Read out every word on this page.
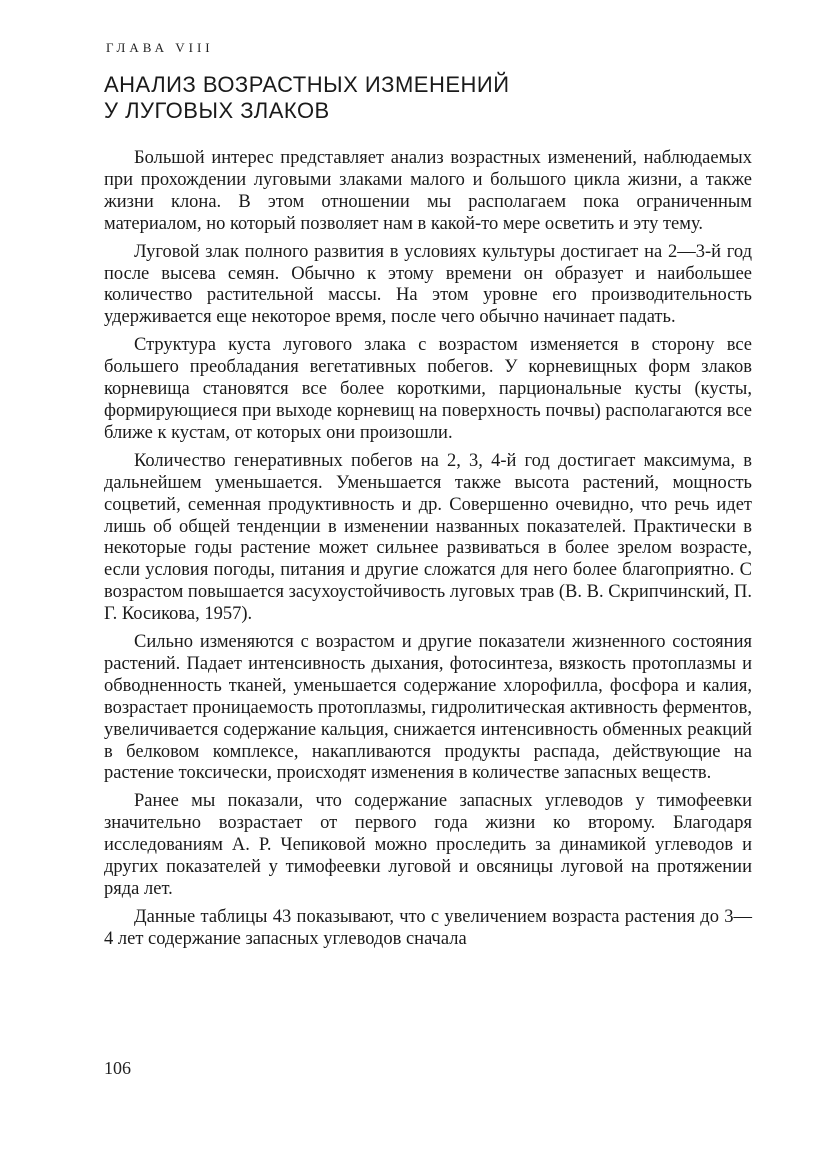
ГЛАВА VIII
АНАЛИЗ ВОЗРАСТНЫХ ИЗМЕНЕНИЙ
У ЛУГОВЫХ ЗЛАКОВ

Большой интерес представляет анализ возрастных изменений, наблюдаемых при прохождении луговыми злаками малого и большого цикла жизни, а также жизни клона. В этом отношении мы располагаем пока ограниченным материалом, но который позволяет нам в какой-то мере осветить и эту тему.

Луговой злак полного развития в условиях культуры достигает на 2—3-й год после высева семян. Обычно к этому времени он образует и наибольшее количество растительной массы. На этом уровне его производительность удерживается еще некоторое время, после чего обычно начинает падать.

Структура куста лугового злака с возрастом изменяется в сторону все большего преобладания вегетативных побегов. У корневищных форм злаков корневища становятся все более короткими, парциональные кусты (кусты, формирующиеся при выходе корневищ на поверхность почвы) располагаются все ближе к кустам, от которых они произошли.

Количество генеративных побегов на 2, 3, 4-й год достигает максимума, в дальнейшем уменьшается. Уменьшается также высота растений, мощность соцветий, семенная продуктивность и др. Совершенно очевидно, что речь идет лишь об общей тенденции в изменении названных показателей. Практически в некоторые годы растение может сильнее развиваться в более зрелом возрасте, если условия погоды, питания и другие сложатся для него более благоприятно. С возрастом повышается засухоустойчивость луговых трав (В. В. Скрипчинский, П. Г. Косикова, 1957).

Сильно изменяются с возрастом и другие показатели жизненного состояния растений. Падает интенсивность дыхания, фотосинтеза, вязкость протоплазмы и обводненность тканей, уменьшается содержание хлорофилла, фосфора и калия, возрастает проницаемость протоплазмы, гидролитическая активность ферментов, увеличивается содержание кальция, снижается интенсивность обменных реакций в белковом комплексе, накапливаются продукты распада, действующие на растение токсически, происходят изменения в количестве запасных веществ.

Ранее мы показали, что содержание запасных углеводов у тимофеевки значительно возрастает от первого года жизни ко второму. Благодаря исследованиям А. Р. Чепиковой можно проследить за динамикой углеводов и других показателей у тимофеевки луговой и овсяницы луговой на протяжении ряда лет.

Данные таблицы 43 показывают, что с увеличением возраста растения до 3—4 лет содержание запасных углеводов сначала

106
